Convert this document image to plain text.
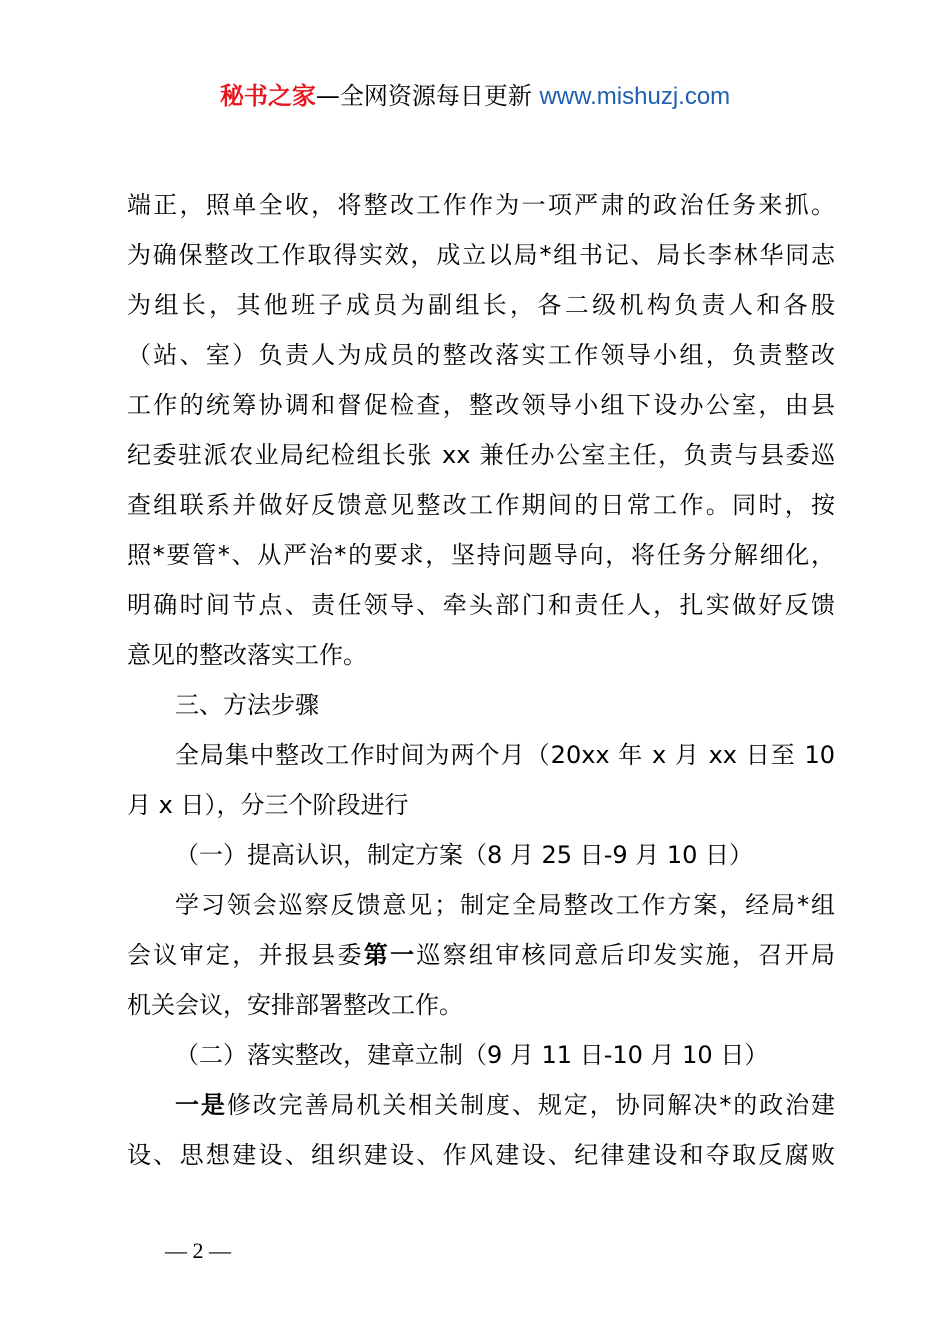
秘书之家—全网资源每日更新 www.mishuzj.com
端正，照单全收，将整改工作作为一项严肃的政治任务来抓。
为确保整改工作取得实效，成立以局*组书记、局长李林华同志
为组长，其他班子成员为副组长，各二级机构负责人和各股
（站、室）负责人为成员的整改落实工作领导小组，负责整改
工作的统筹协调和督促检查，整改领导小组下设办公室，由县
纪委驻派农业局纪检组长张 xx 兼任办公室主任，负责与县委巡
查组联系并做好反馈意见整改工作期间的日常工作。同时，按
照*要管*、从严治*的要求，坚持问题导向，将任务分解细化，
明确时间节点、责任领导、牵头部门和责任人，扎实做好反馈
意见的整改落实工作。
三、方法步骤
全局集中整改工作时间为两个月（20xx 年 x 月 xx 日至 10
月 x 日），分三个阶段进行
（一）提高认识，制定方案（8 月 25 日-9 月 10 日）
学习领会巡察反馈意见；制定全局整改工作方案，经局*组
会议审定，并报县委第一巡察组审核同意后印发实施，召开局
机关会议，安排部署整改工作。
（二）落实整改，建章立制（9 月 11 日-10 月 10 日）
一是修改完善局机关相关制度、规定，协同解决*的政治建
设、思想建设、组织建设、作风建设、纪律建设和夺取反腐败
— 2 —
